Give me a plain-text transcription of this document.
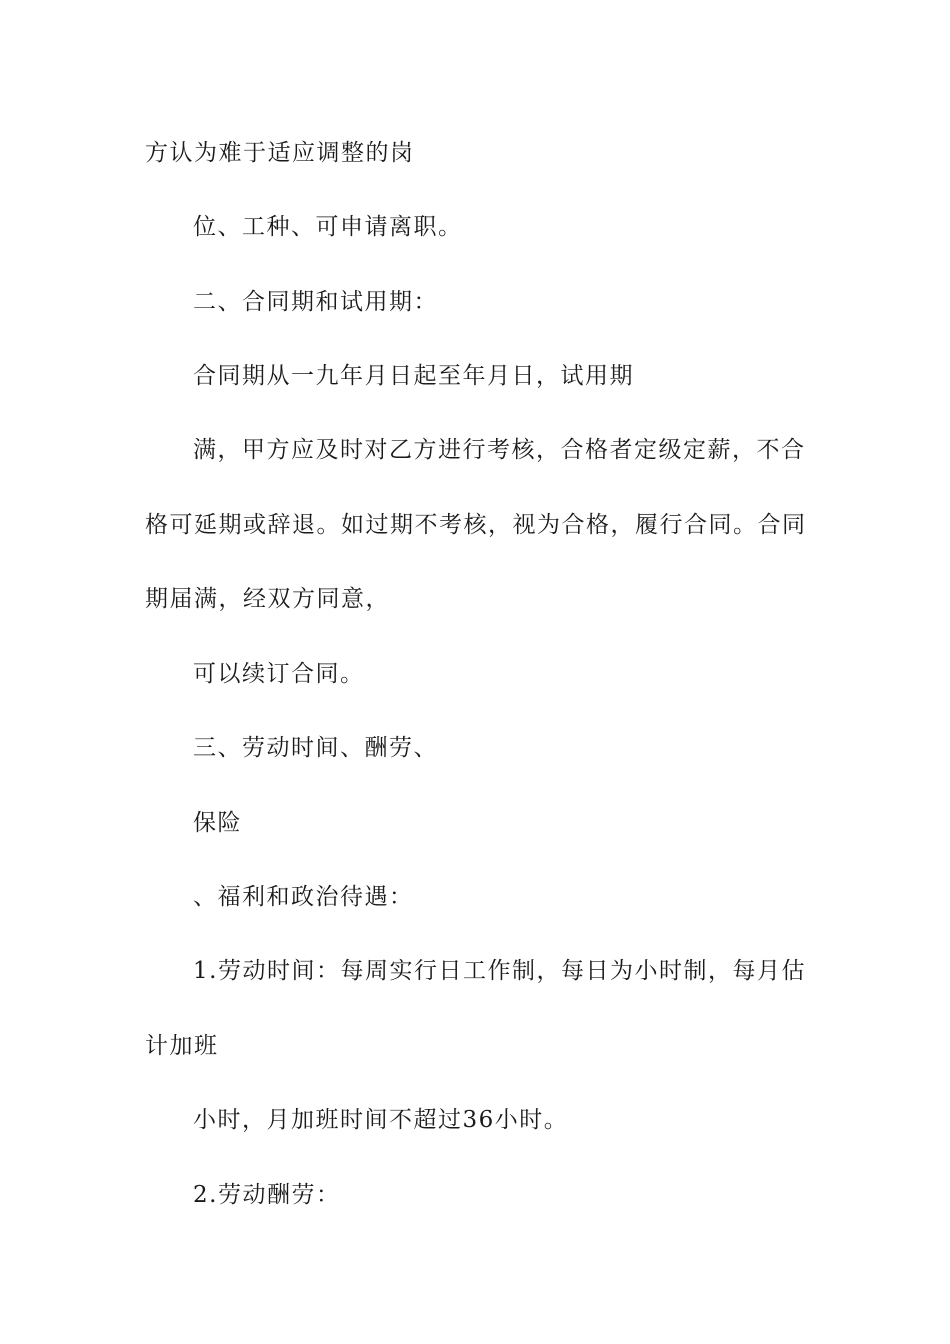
方认为难于适应调整的岗
位、工种、可申请离职。
二、合同期和试用期：
合同期从一九年月日起至年月日，试用期
满，甲方应及时对乙方进行考核，合格者定级定薪，不合
格可延期或辞退。如过期不考核，视为合格，履行合同。合同
期届满，经双方同意，
可以续订合同。
三、劳动时间、酬劳、
保险
、福利和政治待遇：
1.劳动时间：每周实行日工作制，每日为小时制，每月估
计加班
小时，月加班时间不超过36小时。
2.劳动酬劳：
